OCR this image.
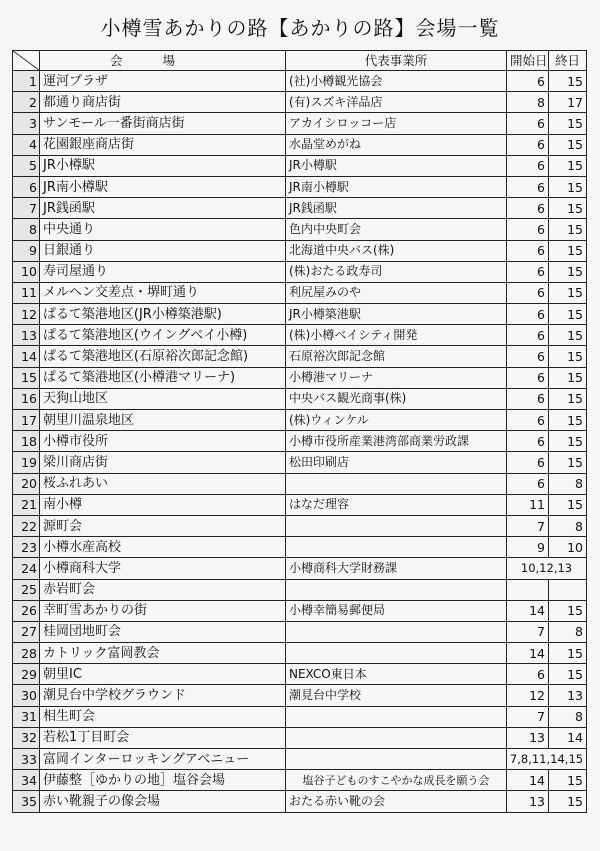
小樽雪あかりの路【あかりの路】会場一覧
	会場	代表事業所	開始日	終日
1	運河プラザ	(社)小樽観光協会	6	15
2	都通り商店街	(有)スズキ洋品店	8	17
3	サンモール一番街商店街	アカイシロッコー店	6	15
4	花園銀座商店街	水晶堂めがね	6	15
5	JR小樽駅	JR小樽駅	6	15
6	JR南小樽駅	JR南小樽駅	6	15
7	JR銭函駅	JR銭函駅	6	15
8	中央通り	色内中央町会	6	15
9	日銀通り	北海道中央バス(株)	6	15
10	寿司屋通り	(株)おたる政寿司	6	15
11	メルヘン交差点・堺町通り	利尻屋みのや	6	15
12	ぱるて築港地区(JR小樽築港駅)	JR小樽築港駅	6	15
13	ぱるて築港地区(ウイングベイ小樽)	(株)小樽ベイシティ開発	6	15
14	ぱるて築港地区(石原裕次郎記念館)	石原裕次郎記念館	6	15
15	ぱるて築港地区(小樽港マリーナ)	小樽港マリーナ	6	15
16	天狗山地区	中央バス観光商事(株)	6	15
17	朝里川温泉地区	(株)ウィンケル	6	15
18	小樽市役所	小樽市役所産業港湾部商業労政課	6	15
19	梁川商店街	松田印刷店	6	15
20	桜ふれあい		6	8
21	南小樽	はなだ理容	11	15
22	源町会		7	8
23	小樽水産高校		9	10
24	小樽商科大学	小樽商科大学財務課	10,12,13	
25	赤岩町会			
26	幸町雪あかりの街	小樽幸簡易郵便局	14	15
27	桂岡団地町会		7	8
28	カトリック富岡教会		14	15
29	朝里IC	NEXCO東日本	6	15
30	潮見台中学校グラウンド	潮見台中学校	12	13
31	相生町会		7	8
32	若松1丁目町会		13	14
33	富岡インターロッキングアベニュー		7,8,11,14,15	
34	伊藤整［ゆかりの地］塩谷会場	塩谷子どものすこやかな成長を願う会	14	15
35	赤い靴親子の像会場	おたる赤い靴の会	13	15
